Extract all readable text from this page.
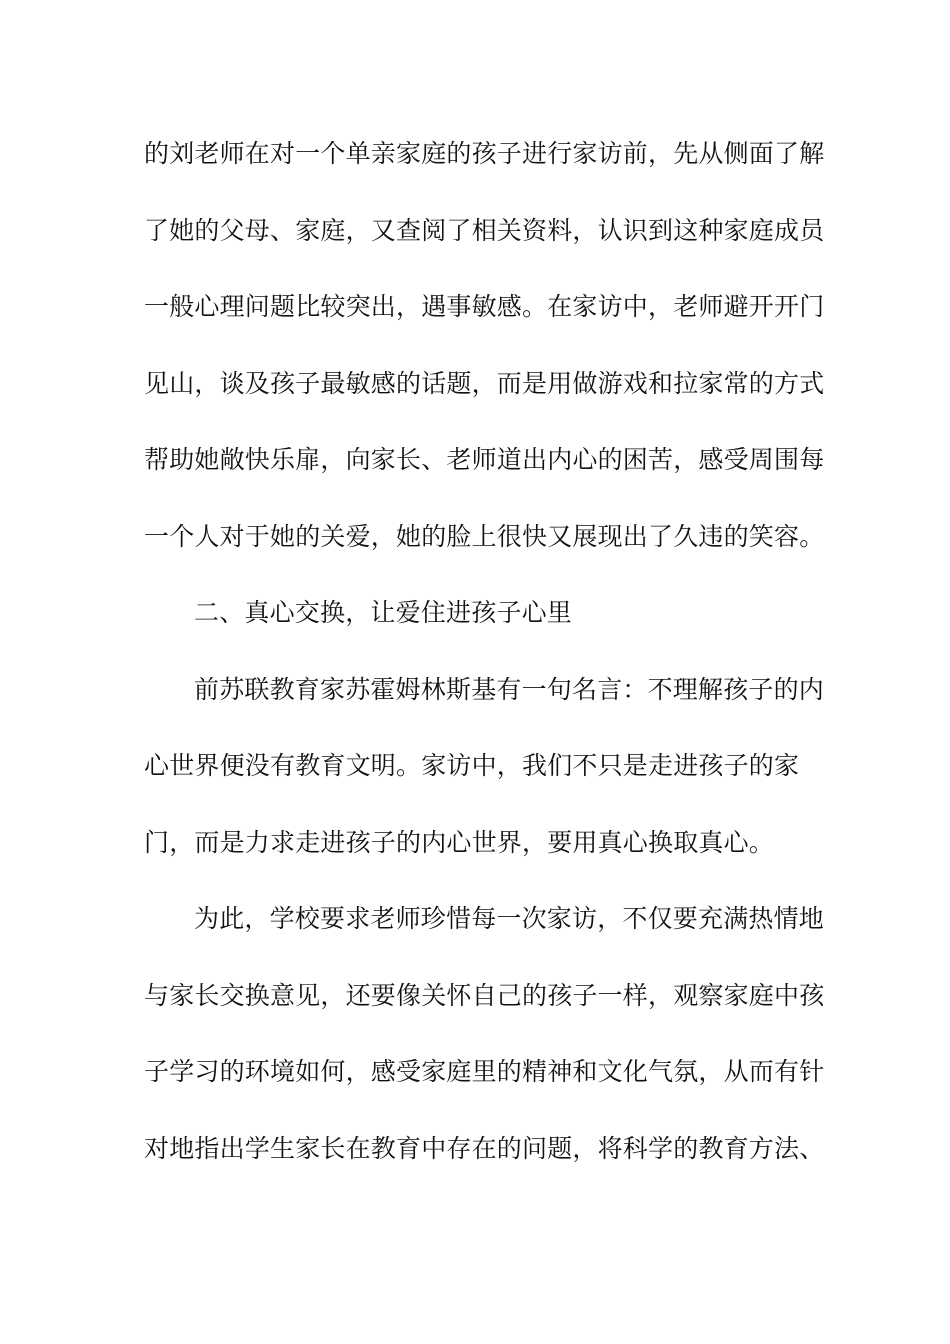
的刘老师在对一个单亲家庭的孩子进行家访前，先从侧面了解
了她的父母、家庭，又查阅了相关资料，认识到这种家庭成员
一般心理问题比较突出，遇事敏感。在家访中，老师避开开门
见山，谈及孩子最敏感的话题，而是用做游戏和拉家常的方式
帮助她敞快乐扉，向家长、老师道出内心的困苦，感受周围每
一个人对于她的关爱，她的脸上很快又展现出了久违的笑容。
二、真心交换，让爱住进孩子心里
前苏联教育家苏霍姆林斯基有一句名言：不理解孩子的内
心世界便没有教育文明。家访中，我们不只是走进孩子的家
门，而是力求走进孩子的内心世界，要用真心换取真心。
为此，学校要求老师珍惜每一次家访，不仅要充满热情地
与家长交换意见，还要像关怀自己的孩子一样，观察家庭中孩
子学习的环境如何，感受家庭里的精神和文化气氛，从而有针
对地指出学生家长在教育中存在的问题，将科学的教育方法、
